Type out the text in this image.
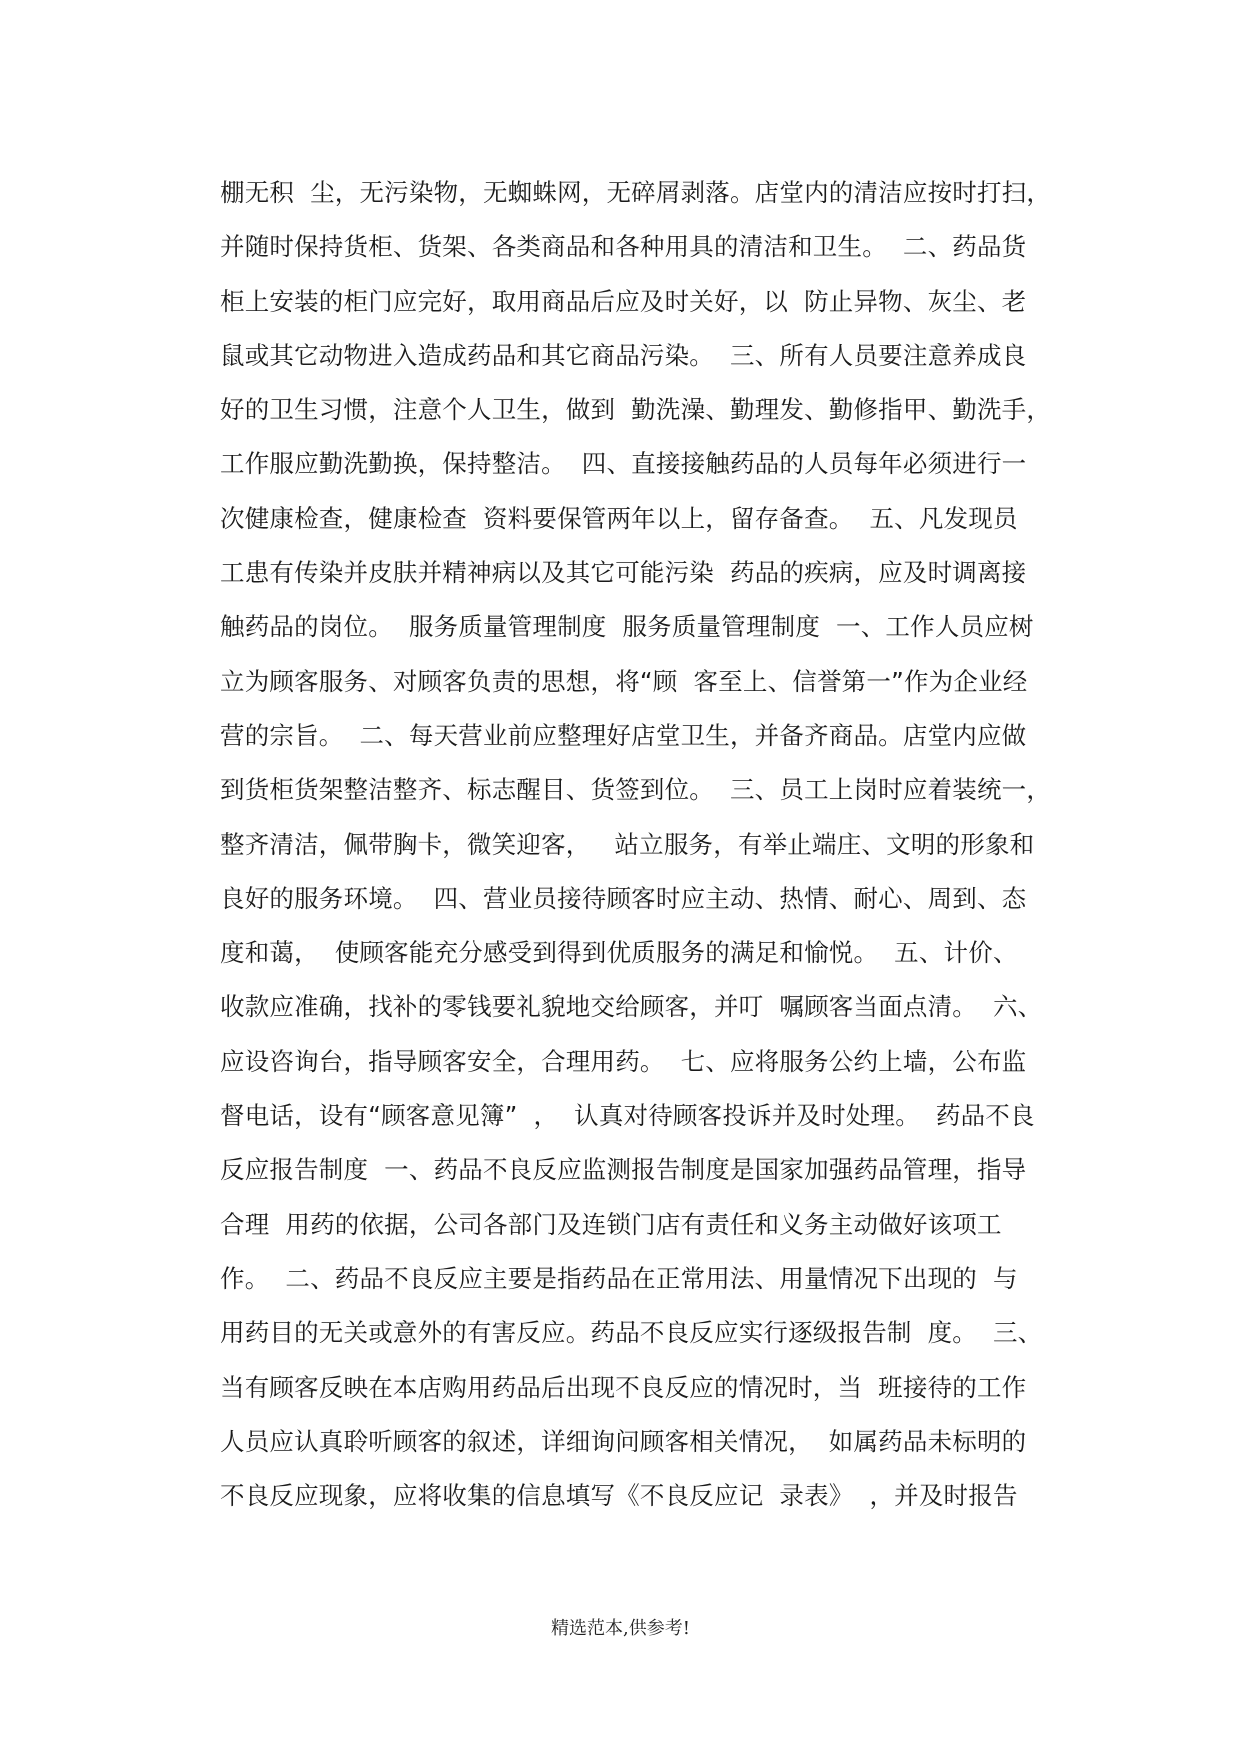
棚无积  尘，无污染物，无蜘蛛网，无碎屑剥落。店堂内的清洁应按时打扫，
并随时保持货柜、货架、各类商品和各种用具的清洁和卫生。  二、药品货
柜上安装的柜门应完好，取用商品后应及时关好，以  防止异物、灰尘、老
鼠或其它动物进入造成药品和其它商品污染。  三、所有人员要注意养成良
好的卫生习惯，注意个人卫生，做到  勤洗澡、勤理发、勤修指甲、勤洗手，
工作服应勤洗勤换，保持整洁。  四、直接接触药品的人员每年必须进行一
次健康检查，健康检查  资料要保管两年以上，留存备查。  五、凡发现员
工患有传染并皮肤并精神病以及其它可能污染  药品的疾病，应及时调离接
触药品的岗位。  服务质量管理制度  服务质量管理制度  一、工作人员应树
立为顾客服务、对顾客负责的思想，将“顾  客至上、信誉第一”作为企业经
营的宗旨。  二、每天营业前应整理好店堂卫生，并备齐商品。店堂内应做
到货柜货架整洁整齐、标志醒目、货签到位。  三、员工上岗时应着装统一，
整齐清洁，佩带胸卡，微笑迎客，   站立服务，有举止端庄、文明的形象和
良好的服务环境。  四、营业员接待顾客时应主动、热情、耐心、周到、态
度和蔼，  使顾客能充分感受到得到优质服务的满足和愉悦。  五、计价、
收款应准确，找补的零钱要礼貌地交给顾客，并叮  嘱顾客当面点清。  六、
应设咨询台，指导顾客安全，合理用药。  七、应将服务公约上墙，公布监
督电话，设有“顾客意见簿”  ，  认真对待顾客投诉并及时处理。  药品不良
反应报告制度  一、药品不良反应监测报告制度是国家加强药品管理，指导
合理  用药的依据，公司各部门及连锁门店有责任和义务主动做好该项工
作。  二、药品不良反应主要是指药品在正常用法、用量情况下出现的  与
用药目的无关或意外的有害反应。药品不良反应实行逐级报告制  度。  三、
当有顾客反映在本店购用药品后出现不良反应的情况时，当  班接待的工作
人员应认真聆听顾客的叙述，详细询问顾客相关情况，  如属药品未标明的
不良反应现象，应将收集的信息填写《不良反应记  录表》  ，并及时报告
精选范本,供参考!
